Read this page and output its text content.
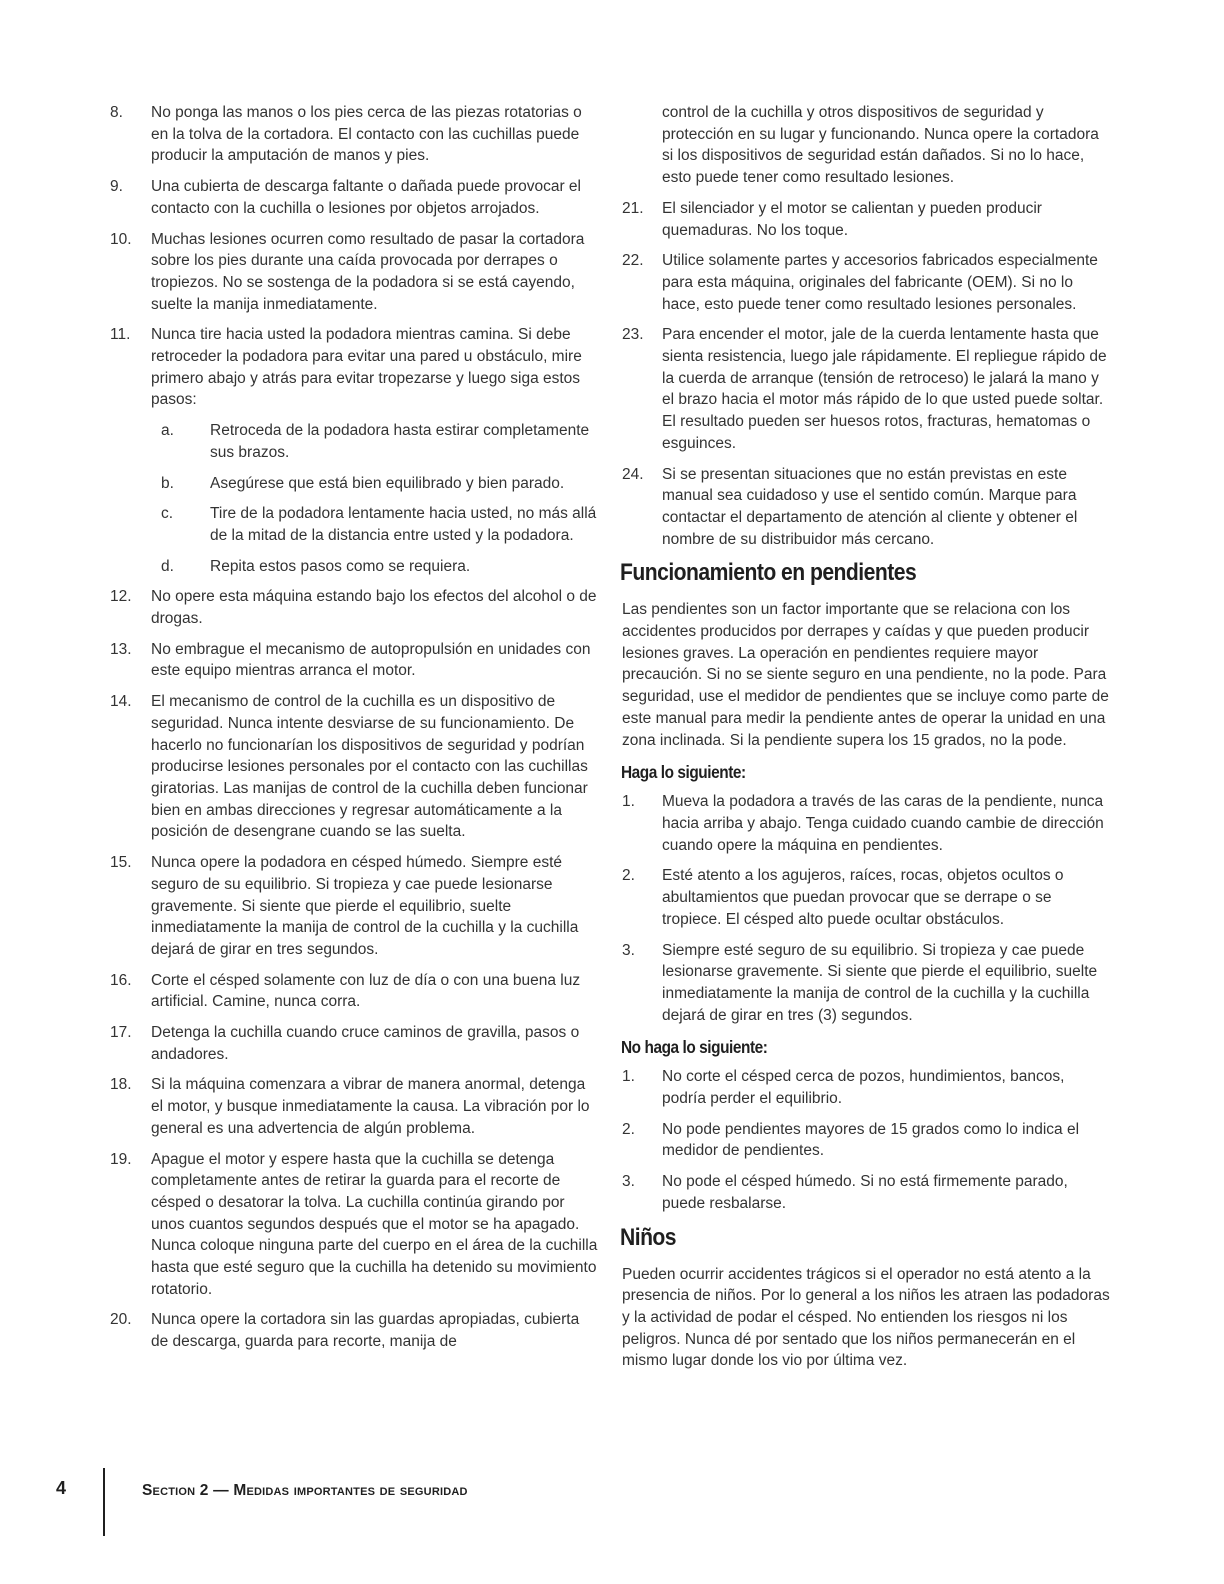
8.	No ponga las manos o los pies cerca de las piezas rotatorias o en la tolva de la cortadora. El contacto con las cuchillas puede producir la amputación de manos y pies.
9.	Una cubierta de descarga faltante o dañada puede provocar el contacto con la cuchilla o lesiones por objetos arrojados.
10.	Muchas lesiones ocurren como resultado de pasar la cortadora sobre los pies durante una caída provocada por derrapes o tropiezos. No se sostenga de la podadora si se está cayendo, suelte la manija inmediatamente.
11.	Nunca tire hacia usted la podadora mientras camina. Si debe retroceder la podadora para evitar una pared u obstáculo, mire primero abajo y atrás para evitar tropezarse y luego siga estos pasos:
a.	Retroceda de la podadora hasta estirar completamente sus brazos.
b.	Asegúrese que está bien equilibrado y bien parado.
c.	Tire de la podadora lentamente hacia usted, no más allá de la mitad de la distancia entre usted y la podadora.
d.	Repita estos pasos como se requiera.
12.	No opere esta máquina estando bajo los efectos del alcohol o de drogas.
13.	No embrague el mecanismo de autopropulsión en unidades con este equipo mientras arranca el motor.
14.	El mecanismo de control de la cuchilla es un dispositivo de seguridad. Nunca intente desviarse de su funcionamiento. De hacerlo no funcionarían los dispositivos de seguridad y podrían producirse lesiones personales por el contacto con las cuchillas giratorias. Las manijas de control de la cuchilla deben funcionar bien en ambas direcciones y regresar automáticamente a la posición de desengrane cuando se las suelta.
15.	Nunca opere la podadora en césped húmedo. Siempre esté seguro de su equilibrio. Si tropieza y cae puede lesionarse gravemente. Si siente que pierde el equilibrio, suelte inmediatamente la manija de control de la cuchilla y la cuchilla dejará de girar en tres segundos.
16.	Corte el césped solamente con luz de día o con una buena luz artificial. Camine, nunca corra.
17.	Detenga la cuchilla cuando cruce caminos de gravilla, pasos o andadores.
18.	Si la máquina comenzara a vibrar de manera anormal, detenga el motor, y busque inmediatamente la causa. La vibración por lo general es una advertencia de algún problema.
19.	Apague el motor y espere hasta que la cuchilla se detenga completamente antes de retirar la guarda para el recorte de césped o desatorar la tolva. La cuchilla continúa girando por unos cuantos segundos después que el motor se ha apagado. Nunca coloque ninguna parte del cuerpo en el área de la cuchilla hasta que esté seguro que la cuchilla ha detenido su movimiento rotatorio.
20.	Nunca opere la cortadora sin las guardas apropiadas, cubierta de descarga, guarda para recorte, manija de
control de la cuchilla y otros dispositivos de seguridad y protección en su lugar y funcionando. Nunca opere la cortadora si los dispositivos de seguridad están dañados. Si no lo hace, esto puede tener como resultado lesiones.
21.	El silenciador y el motor se calientan y pueden producir quemaduras. No los toque.
22.	Utilice solamente partes y accesorios fabricados especialmente para esta máquina, originales del fabricante (OEM). Si no lo hace, esto puede tener como resultado lesiones personales.
23.	Para encender el motor, jale de la cuerda lentamente hasta que sienta resistencia, luego jale rápidamente. El repliegue rápido de la cuerda de arranque (tensión de retroceso) le jalará la mano y el brazo hacia el motor más rápido de lo que usted puede soltar. El resultado pueden ser huesos rotos, fracturas, hematomas o esguinces.
24.	Si se presentan situaciones que no están previstas en este manual sea cuidadoso y use el sentido común. Marque para contactar el departamento de atención al cliente y obtener el nombre de su distribuidor más cercano.
Funcionamiento en pendientes

Las pendientes son un factor importante que se relaciona con los accidentes producidos por derrapes y caídas y que pueden producir lesiones graves. La operación en pendientes requiere mayor precaución. Si no se siente seguro en una pendiente, no la pode. Para seguridad, use el medidor de pendientes que se incluye como parte de este manual para medir la pendiente antes de operar la unidad en una zona inclinada. Si la pendiente supera los 15 grados, no la pode.

Haga lo siguiente:
1.	Mueva la podadora a través de las caras de la pendiente, nunca hacia arriba y abajo. Tenga cuidado cuando cambie de dirección cuando opere la máquina en pendientes.
2.	Esté atento a los agujeros, raíces, rocas, objetos ocultos o abultamientos que puedan provocar que se derrape o se tropiece. El césped alto puede ocultar obstáculos.
3.	Siempre esté seguro de su equilibrio. Si tropieza y cae puede lesionarse gravemente. Si siente que pierde el equilibrio, suelte inmediatamente la manija de control de la cuchilla y la cuchilla dejará de girar en tres (3) segundos.
No haga lo siguiente:
1.	No corte el césped cerca de pozos, hundimientos, bancos, podría perder el equilibrio.
2.	No pode pendientes mayores de 15 grados como lo indica el medidor de pendientes.
3.	No pode el césped húmedo. Si no está firmemente parado, puede resbalarse.
Niños

Pueden ocurrir accidentes trágicos si el operador no está atento a la presencia de niños. Por lo general a los niños les atraen las podadoras y la actividad de podar el césped. No entienden los riesgos ni los peligros. Nunca dé por sentado que los niños permanecerán en el mismo lugar donde los vio por última vez.

4	Section 2 — Medidas importantes de seguridad
